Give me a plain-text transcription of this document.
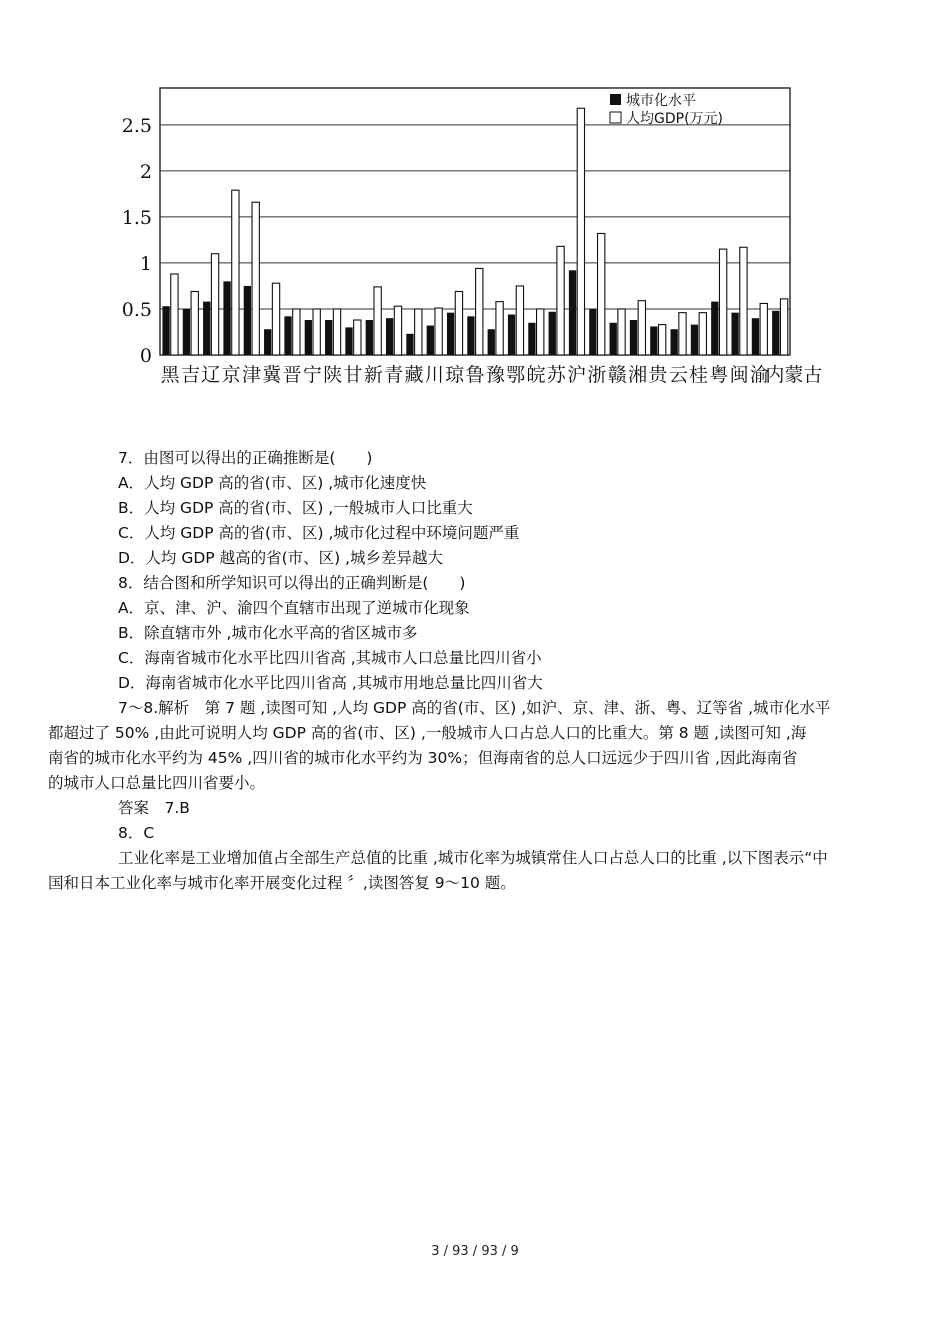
0
0.5
1
1.5
2
2.5
黑 吉 辽 京 津 冀 晋 宁 陕 甘 新 青 藏 川 琼 鲁 豫 鄂 皖 苏 沪 浙 赣 湘 贵 云 桂 粤 闽 渝
内蒙古
城市化水平
人均GDP(万元)
7．由图可以得出的正确推断是(　　)
A．人均 GDP 高的省(市、区) ,城市化速度快
B．人均 GDP 高的省(市、区) ,一般城市人口比重大
C．人均 GDP 高的省(市、区) ,城市化过程中环境问题严重
D．人均 GDP 越高的省(市、区) ,城乡差异越大
8．结合图和所学知识可以得出的正确判断是(　　)
A．京、津、沪、渝四个直辖市出现了逆城市化现象
B．除直辖市外 ,城市化水平高的省区城市多
C．海南省城市化水平比四川省高 ,其城市人口总量比四川省小
D．海南省城市化水平比四川省高 ,其城市用地总量比四川省大
7～8.解析　第 7 题 ,读图可知 ,人均 GDP 高的省(市、区) ,如沪、京、津、浙、粤、辽等省 ,城市化水平
都超过了 50% ,由此可说明人均 GDP 高的省(市、区) ,一般城市人口占总人口的比重大。第 8 题 ,读图可知 ,海
南省的城市化水平约为 45% ,四川省的城市化水平约为 30%；但海南省的总人口远远少于四川省 ,因此海南省
的城市人口总量比四川省要小。
答案　7.B
8．C
工业化率是工业增加值占全部生产总值的比重 ,城市化率为城镇常住人口占总人口的比重 ,以下图表示“中
国和日本工业化率与城市化率开展变化过程 〞,读图答复 9～10 题。
3 / 93 / 93 / 9
